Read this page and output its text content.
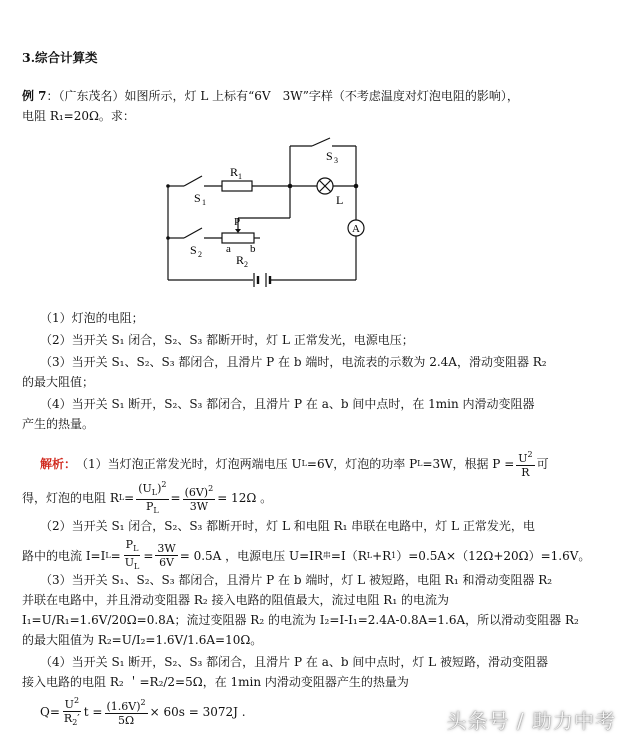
3.综合计算类
例 7：（广东茂名）如图所示，灯 L 上标有“6V　3W”字样（不考虑温度对灯泡电阻的影响），
电阻 R₁=20Ω。求：
S 1
R 1
S 3
L
A
S 2
P
a b
R 2
（1）灯泡的电阻；
（2）当开关 S₁ 闭合，S₂、S₃ 都断开时，灯 L 正常发光，电源电压；
（3）当开关 S₁、S₂、S₃ 都闭合，且滑片 P 在 b 端时，电流表的示数为 2.4A，滑动变阻器 R₂
的最大阻值；
（4）当开关 S₁ 断开，S₂、S₃ 都闭合，且滑片 P 在 a、b 间中点时，在 1min 内滑动变阻器
产生的热量。
解析： （1）当灯泡正常发光时，灯泡两端电压 U L =6V，灯泡的功率 P L =3W，根据 $P = \frac{U^2}{R}$ 可
得，灯泡的电阻 R $L = \frac{(U_L)^2}{P_L} = \frac{(6V)^2}{3W} = 12\Omega$ 。
（2）当开关 S₁ 闭合，S₂、S₃ 都断开时，灯 L 和电阻 R₁ 串联在电路中，灯 L 正常发光，电
路中的电流 I=I $L = \frac{P_L}{U_L} = \frac{3W}{6V} = 0.5A$ ，电源电压 U=IR 串 =I（R L +R 1 ）=0.5A×（12Ω+20Ω）=1.6V。
（3）当开关 S₁、S₂、S₃ 都闭合，且滑片 P 在 b 端时，灯 L 被短路，电阻 R₁ 和滑动变阻器 R₂
并联在电路中，并且滑动变阻器 R₂ 接入电路的阻值最大，流过电阻 R₁ 的电流为
I₁=U/R₁=1.6V/20Ω=0.8A；流过变阻器 R₂ 的电流为 I₂=I-I₁=2.4A-0.8A=1.6A，所以滑动变阻器 R₂
的最大阻值为 R₂=U/I₂=1.6V/1.6A=10Ω。
（4）当开关 S₁ 断开，S₂、S₃ 都闭合，且滑片 P 在 a、b 间中点时，灯 L 被短路，滑动变阻器
接入电路的电阻 R₂ ＇=R₂/2=5Ω，在 1min 内滑动变阻器产生的热量为
$Q= \frac{U^2}{R_2'}$ $t = \frac{(1.6V)^2}{5\Omega} \times 60s = 3072J$ .	头条号 / 助力中考
